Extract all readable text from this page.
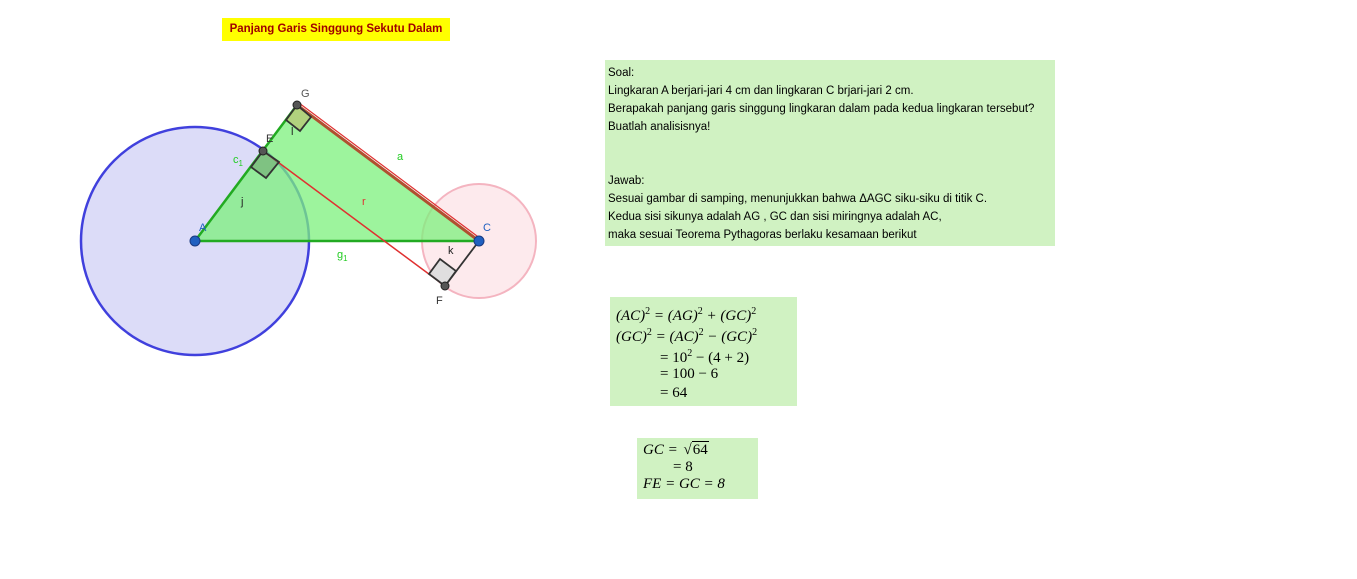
Panjang Garis Singgung Sekutu Dalam
G
E
A	C
F
a
r
j
k
l
$c_1$
$g_1$
Soal:
Lingkaran A berjari-jari 4 cm dan lingkaran C brjari-jari 2 cm.
Berapakah panjang garis singgung lingkaran dalam pada kedua lingkaran tersebut?
Buatlah analisisnya!
Jawab:
Sesuai gambar di samping, menunjukkan bahwa ΔAGC siku-siku di titik C.
Kedua sisi sikunya adalah AG , GC dan sisi miringnya adalah AC,
maka sesuai Teorema Pythagoras berlaku kesamaan berikut
(AC)$^2$ = (AG)$^2$ + (GC)$^2$
(GC)$^2$ = (AC)$^2$ − (GC)$^2$
= $10^2 - (4 + 2)$
= 100 − 6
= 64
GC = √64
= 8
FE = GC = 8
